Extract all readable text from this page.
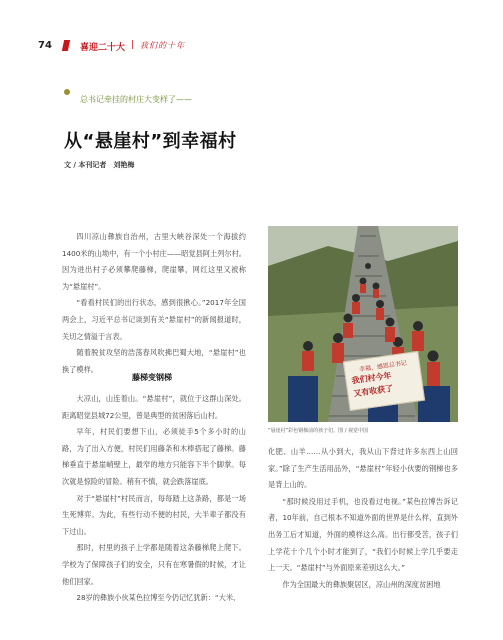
74	喜迎二十大 | 我们的十年
总书记牵挂的村庄大变样了——
从“悬崖村”到幸福村
文 / 本刊记者　刘艳梅

四川凉山彝族自治州，古里大峡谷深处一个海拔约1400米的山坳中，有一个小村庄——昭觉县阿土列尔村。因为进出村子必须攀爬藤梯，爬崖攀，网红这里又被称为“悬崖村”。

“看看村民们的出行状态，感到很揪心。”2017年全国两会上，习近平总书记谈到有关“悬崖村”的新闻报道时，关切之情溢于言表。

随着脱贫攻坚的浩荡春风吹拂巴蜀大地，“悬崖村”也换了模样。

藤梯变钢梯

大凉山，山连着山。“悬崖村”，就位于这群山深处。距离昭觉县城72公里，曾是典型的贫困落后山村。

早年，村民们要想下山，必须徒手5个多小时的山路，为了出入方便，村民们用藤条和木棒搭起了藤梯。藤梯垂直于悬崖峭壁上，最窄的地方只能容下半个脚掌。每次就是惊险的冒险。稍有不慎，就会跌落崖底。

对于“悬崖村”村民而言，每每踏上这条路，都是一场生死博弈。为此，有些行动不便的村民，大半辈子都没有下过山。

那时，村里的孩子上学都是随着这条藤梯爬上爬下。学校为了保障孩子们的安全，只有在寒暑假的时候，才让他们回家。

28岁的彝族小伙某色拉博至今仍记忆犹新：“大米、

幸福，感恩总书记
我们村今年
又有收获了
“悬崖村”彩色钢梯前的孩子们。图 / 视觉中国

化肥、山羊……从小到大，我从山下背过许多东西上山回家。”除了生产生活用品外，“悬崖村”年轻小伙要的钢梯也多是背上山的。

“那时候没用过手机，也没看过电视。”某色拉博告诉记者，10年前，自己根本不知道外面的世界是什么样，直到外出务工后才知道，外面的模样这么高。出行都受苦，孩子们上学花十个几个小时才能到了，“我们小时候上学几乎要走上一天。“悬崖村”与外面原来差别这么大。”

作为全国最大的彝族聚居区，凉山州的深度贫困地
